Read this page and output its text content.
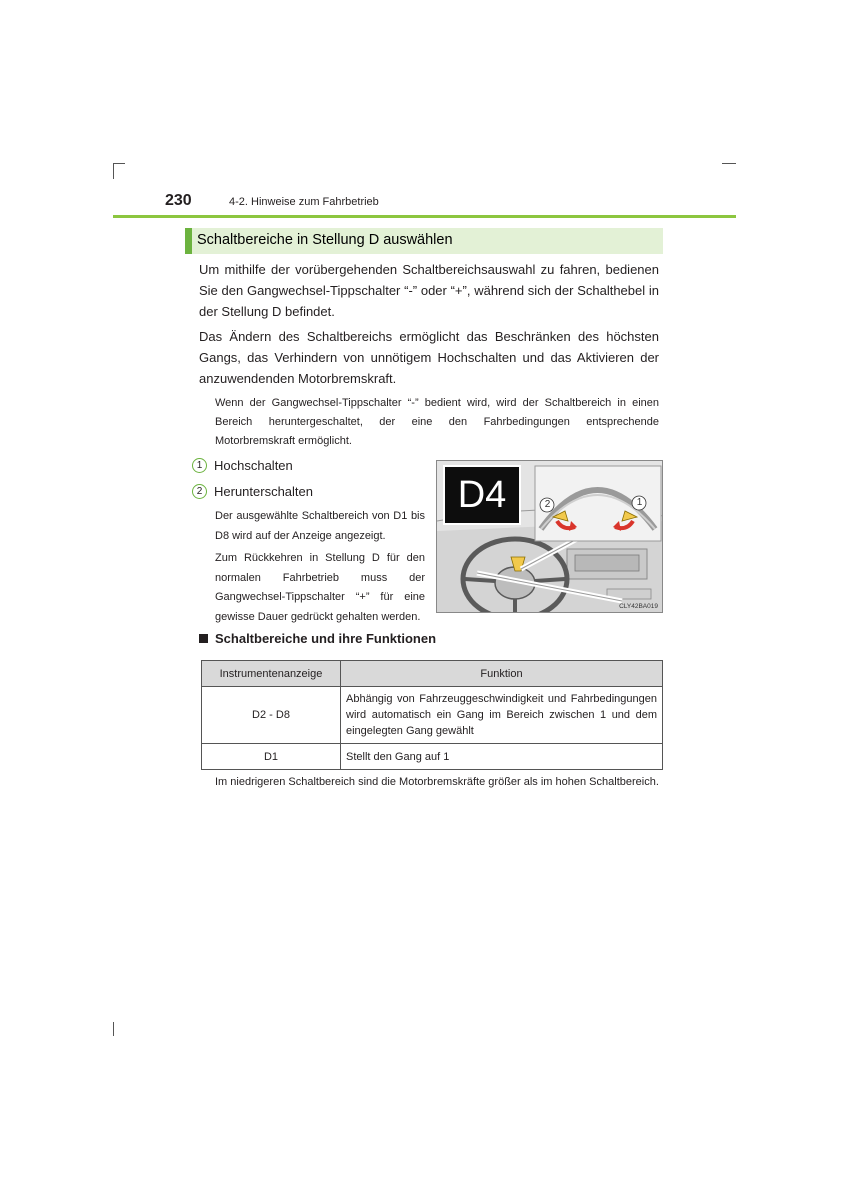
230	4-2. Hinweise zum Fahrbetrieb
Schaltbereiche in Stellung D auswählen

Um mithilfe der vorübergehenden Schaltbereichsauswahl zu fahren, bedienen Sie den Gangwechsel-Tippschalter “-” oder “+”, während sich der Schalthebel in der Stellung D befindet.

Das Ändern des Schaltbereichs ermöglicht das Beschränken des höchsten Gangs, das Verhindern von unnötigem Hochschalten und das Aktivieren der anzuwendenden Motorbremskraft.

Wenn der Gangwechsel-Tippschalter “-” bedient wird, wird der Schaltbereich in einen Bereich heruntergeschaltet, der eine den Fahrbedingungen entsprechende Motorbremskraft ermöglicht.

1 Hochschalten
2 Herunterschalten

Der ausgewählte Schaltbereich von D1 bis D8 wird auf der Anzeige angezeigt.

Zum Rückkehren in Stellung D für den normalen Fahrbetrieb muss der Gangwechsel-Tippschalter “+” für eine gewisse Dauer gedrückt gehalten werden.

D4	2	1
CLY42BA019
Schaltbereiche und ihre Funktionen
Instrumentenanzeige	Funktion
D2 - D8	Abhängig von Fahrzeuggeschwindigkeit und Fahrbedingungen wird automatisch ein Gang im Bereich zwischen 1 und dem eingelegten Gang gewählt
D1	Stellt den Gang auf 1

Im niedrigeren Schaltbereich sind die Motorbremskräfte größer als im hohen Schaltbereich.
